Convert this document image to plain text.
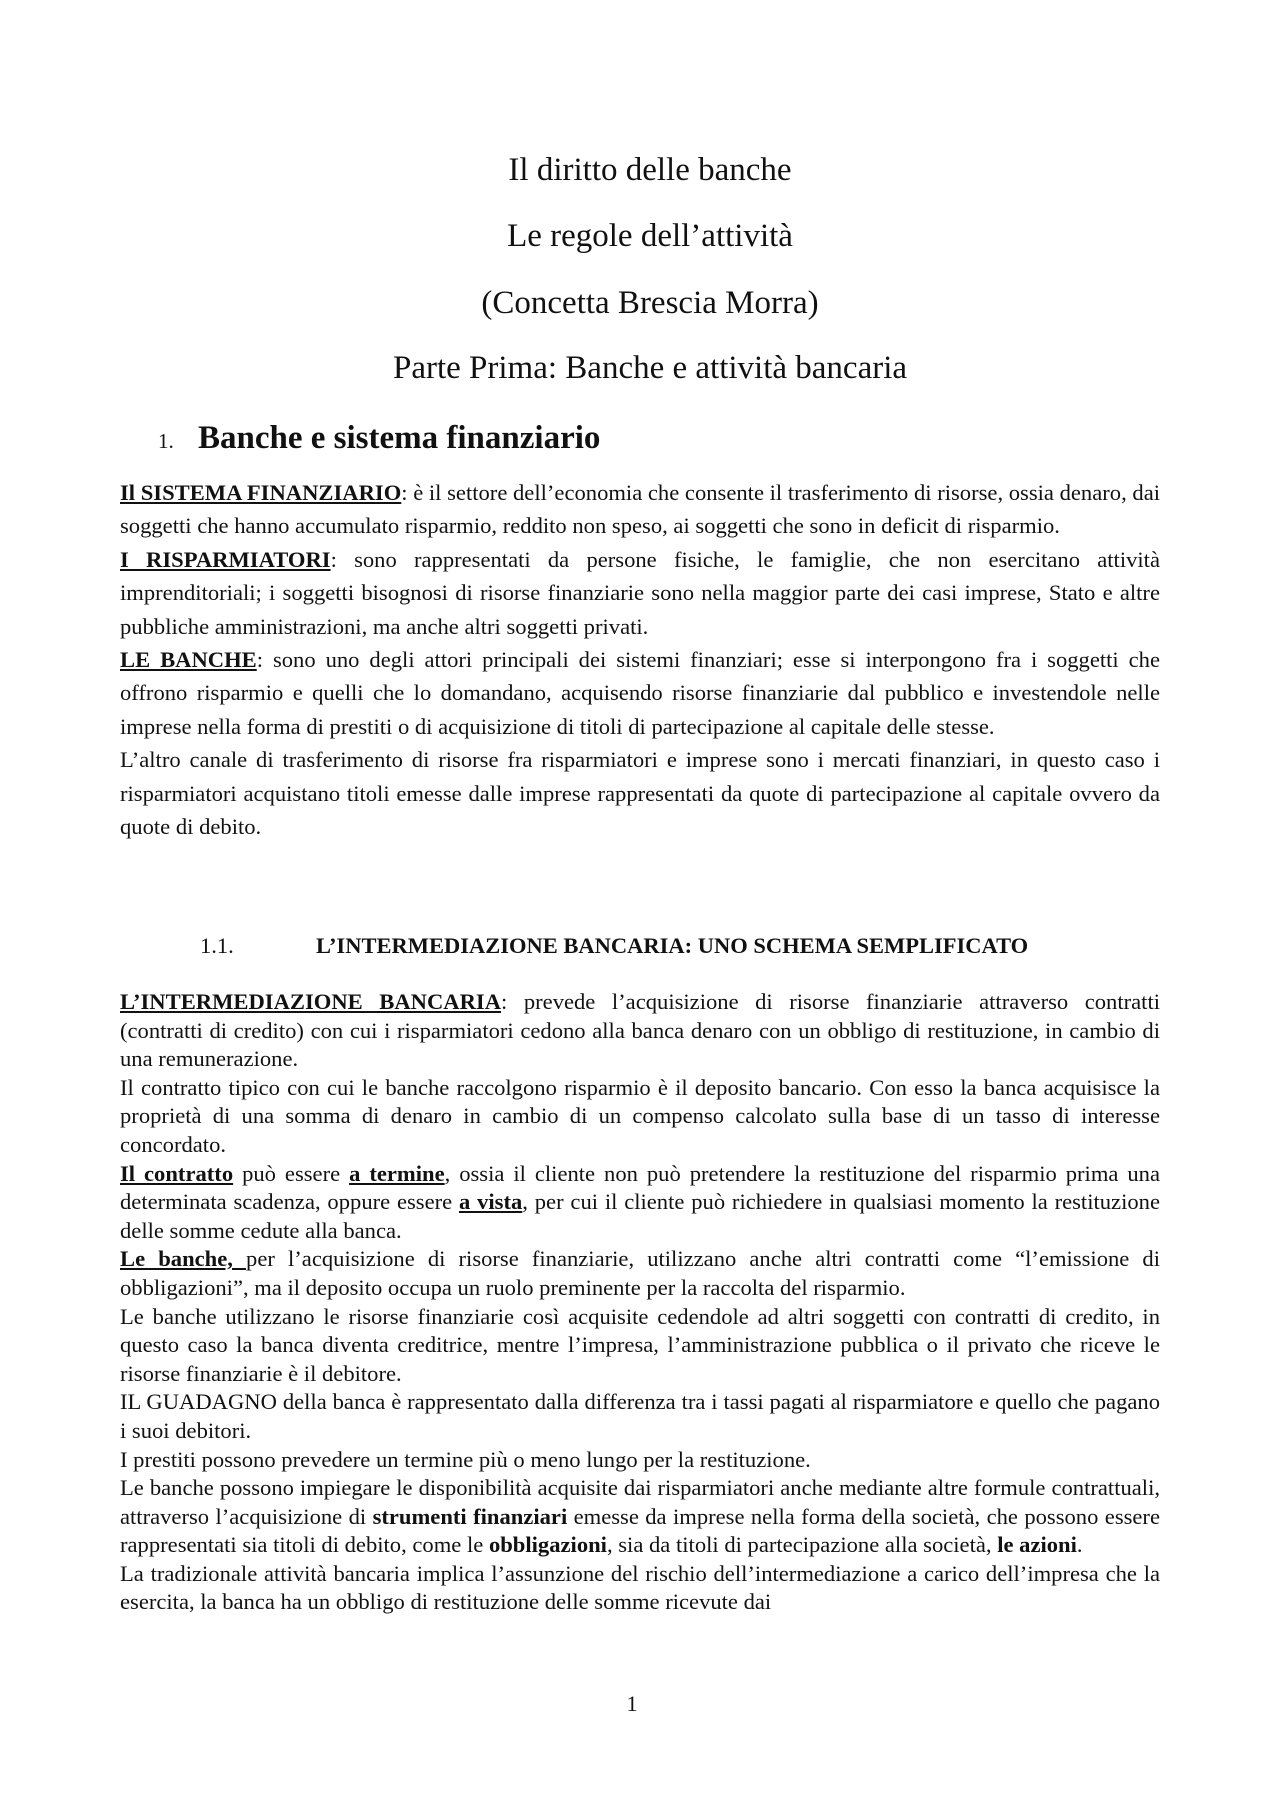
Il diritto delle banche
Le regole dell’attività
(Concetta Brescia Morra)
Parte Prima: Banche e attività bancaria
1. Banche e sistema finanziario

Il SISTEMA FINANZIARIO: è il settore dell’economia che consente il trasferimento di risorse, ossia denaro, dai soggetti che hanno accumulato risparmio, reddito non speso, ai soggetti che sono in deficit di risparmio.

I RISPARMIATORI: sono rappresentati da persone fisiche, le famiglie, che non esercitano attività imprenditoriali; i soggetti bisognosi di risorse finanziarie sono nella maggior parte dei casi imprese, Stato e altre pubbliche amministrazioni, ma anche altri soggetti privati.

LE BANCHE: sono uno degli attori principali dei sistemi finanziari; esse si interpongono fra i soggetti che offrono risparmio e quelli che lo domandano, acquisendo risorse finanziarie dal pubblico e investendole nelle imprese nella forma di prestiti o di acquisizione di titoli di partecipazione al capitale delle stesse.

L’altro canale di trasferimento di risorse fra risparmiatori e imprese sono i mercati finanziari, in questo caso i risparmiatori acquistano titoli emesse dalle imprese rappresentati da quote di partecipazione al capitale ovvero da quote di debito.

1.1.	L’INTERMEDIAZIONE BANCARIA: UNO SCHEMA SEMPLIFICATO

L’INTERMEDIAZIONE BANCARIA: prevede l’acquisizione di risorse finanziarie attraverso contratti (contratti di credito) con cui i risparmiatori cedono alla banca denaro con un obbligo di restituzione, in cambio di una remunerazione.

Il contratto tipico con cui le banche raccolgono risparmio è il deposito bancario. Con esso la banca acquisisce la proprietà di una somma di denaro in cambio di un compenso calcolato sulla base di un tasso di interesse concordato.

Il contratto può essere a termine, ossia il cliente non può pretendere la restituzione del risparmio prima una determinata scadenza, oppure essere a vista, per cui il cliente può richiedere in qualsiasi momento la restituzione delle somme cedute alla banca.

Le banche, per l’acquisizione di risorse finanziarie, utilizzano anche altri contratti come “l’emissione di obbligazioni”, ma il deposito occupa un ruolo preminente per la raccolta del risparmio.

Le banche utilizzano le risorse finanziarie così acquisite cedendole ad altri soggetti con contratti di credito, in questo caso la banca diventa creditrice, mentre l’impresa, l’amministrazione pubblica o il privato che riceve le risorse finanziarie è il debitore.

IL GUADAGNO della banca è rappresentato dalla differenza tra i tassi pagati al risparmiatore e quello che pagano i suoi debitori.

I prestiti possono prevedere un termine più o meno lungo per la restituzione.

Le banche possono impiegare le disponibilità acquisite dai risparmiatori anche mediante altre formule contrattuali, attraverso l’acquisizione di strumenti finanziari emesse da imprese nella forma della società, che possono essere rappresentati sia titoli di debito, come le obbligazioni, sia da titoli di partecipazione alla società, le azioni.

La tradizionale attività bancaria implica l’assunzione del rischio dell’intermediazione a carico dell’impresa che la esercita, la banca ha un obbligo di restituzione delle somme ricevute dai

1
